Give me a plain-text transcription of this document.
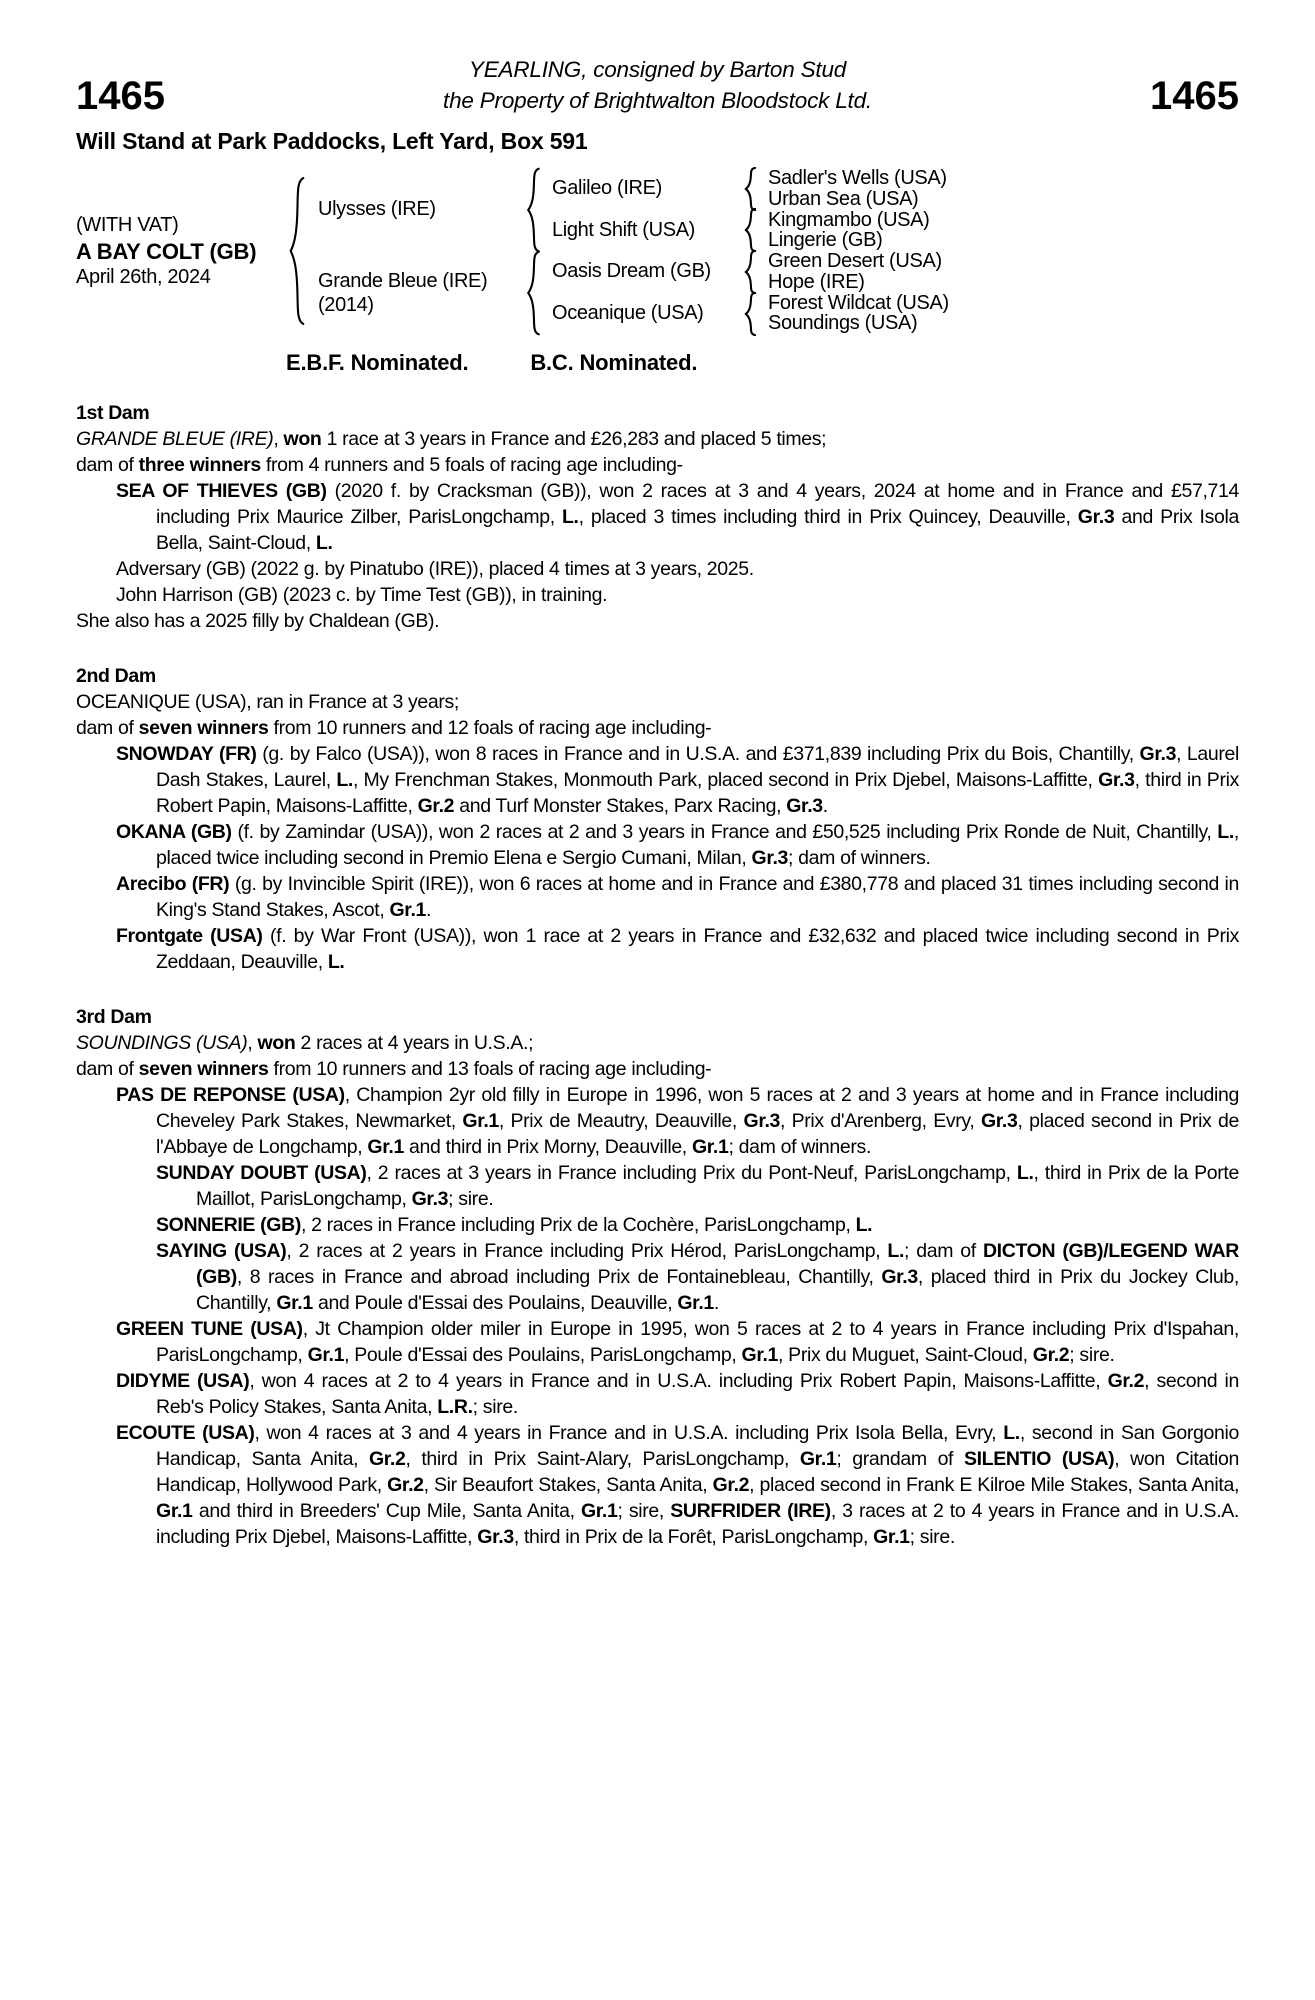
1465
YEARLING, consigned by Barton Stud
the Property of Brightwalton Bloodstock Ltd.	1465
Will Stand at Park Paddocks, Left Yard, Box 591
(WITH VAT)
A BAY COLT (GB)
April 26th, 2024
Ulysses (IRE)
Grande Bleue (IRE)
(2014)
Galileo (IRE)
Light Shift (USA)
Oasis Dream (GB)
Oceanique (USA)
Sadler's Wells (USA)
Urban Sea (USA)
Kingmambo (USA)
Lingerie (GB)
Green Desert (USA)
Hope (IRE)
Forest Wildcat (USA)
Soundings (USA)
E.B.F. Nominated.	B.C. Nominated.
1st Dam
GRANDE BLEUE (IRE), won 1 race at 3 years in France and £26,283 and placed 5 times;
dam of three winners from 4 runners and 5 foals of racing age including-
SEA OF THIEVES (GB) (2020 f. by Cracksman (GB)), won 2 races at 3 and 4 years, 2024 at home and in France and £57,714 including Prix Maurice Zilber, ParisLongchamp, L., placed 3 times including third in Prix Quincey, Deauville, Gr.3 and Prix Isola Bella, Saint-Cloud, L.
Adversary (GB) (2022 g. by Pinatubo (IRE)), placed 4 times at 3 years, 2025.
John Harrison (GB) (2023 c. by Time Test (GB)), in training.
She also has a 2025 filly by Chaldean (GB).
2nd Dam
OCEANIQUE (USA), ran in France at 3 years;
dam of seven winners from 10 runners and 12 foals of racing age including-
SNOWDAY (FR) (g. by Falco (USA)), won 8 races in France and in U.S.A. and £371,839 including Prix du Bois, Chantilly, Gr.3, Laurel Dash Stakes, Laurel, L., My Frenchman Stakes, Monmouth Park, placed second in Prix Djebel, Maisons-Laffitte, Gr.3, third in Prix Robert Papin, Maisons-Laffitte, Gr.2 and Turf Monster Stakes, Parx Racing, Gr.3.
OKANA (GB) (f. by Zamindar (USA)), won 2 races at 2 and 3 years in France and £50,525 including Prix Ronde de Nuit, Chantilly, L., placed twice including second in Premio Elena e Sergio Cumani, Milan, Gr.3; dam of winners.
Arecibo (FR) (g. by Invincible Spirit (IRE)), won 6 races at home and in France and £380,778 and placed 31 times including second in King's Stand Stakes, Ascot, Gr.1.
Frontgate (USA) (f. by War Front (USA)), won 1 race at 2 years in France and £32,632 and placed twice including second in Prix Zeddaan, Deauville, L.
3rd Dam
SOUNDINGS (USA), won 2 races at 4 years in U.S.A.;
dam of seven winners from 10 runners and 13 foals of racing age including-
PAS DE REPONSE (USA), Champion 2yr old filly in Europe in 1996, won 5 races at 2 and 3 years at home and in France including Cheveley Park Stakes, Newmarket, Gr.1, Prix de Meautry, Deauville, Gr.3, Prix d'Arenberg, Evry, Gr.3, placed second in Prix de l'Abbaye de Longchamp, Gr.1 and third in Prix Morny, Deauville, Gr.1; dam of winners.
SUNDAY DOUBT (USA), 2 races at 3 years in France including Prix du Pont-Neuf, ParisLongchamp, L., third in Prix de la Porte Maillot, ParisLongchamp, Gr.3; sire.
SONNERIE (GB), 2 races in France including Prix de la Cochère, ParisLongchamp, L.
SAYING (USA), 2 races at 2 years in France including Prix Hérod, ParisLongchamp, L.; dam of DICTON (GB)/LEGEND WAR (GB), 8 races in France and abroad including Prix de Fontainebleau, Chantilly, Gr.3, placed third in Prix du Jockey Club, Chantilly, Gr.1 and Poule d'Essai des Poulains, Deauville, Gr.1.
GREEN TUNE (USA), Jt Champion older miler in Europe in 1995, won 5 races at 2 to 4 years in France including Prix d'Ispahan, ParisLongchamp, Gr.1, Poule d'Essai des Poulains, ParisLongchamp, Gr.1, Prix du Muguet, Saint-Cloud, Gr.2; sire.
DIDYME (USA), won 4 races at 2 to 4 years in France and in U.S.A. including Prix Robert Papin, Maisons-Laffitte, Gr.2, second in Reb's Policy Stakes, Santa Anita, L.R.; sire.
ECOUTE (USA), won 4 races at 3 and 4 years in France and in U.S.A. including Prix Isola Bella, Evry, L., second in San Gorgonio Handicap, Santa Anita, Gr.2, third in Prix Saint-Alary, ParisLongchamp, Gr.1; grandam of SILENTIO (USA), won Citation Handicap, Hollywood Park, Gr.2, Sir Beaufort Stakes, Santa Anita, Gr.2, placed second in Frank E Kilroe Mile Stakes, Santa Anita, Gr.1 and third in Breeders' Cup Mile, Santa Anita, Gr.1; sire, SURFRIDER (IRE), 3 races at 2 to 4 years in France and in U.S.A. including Prix Djebel, Maisons-Laffitte, Gr.3, third in Prix de la Forêt, ParisLongchamp, Gr.1; sire.
